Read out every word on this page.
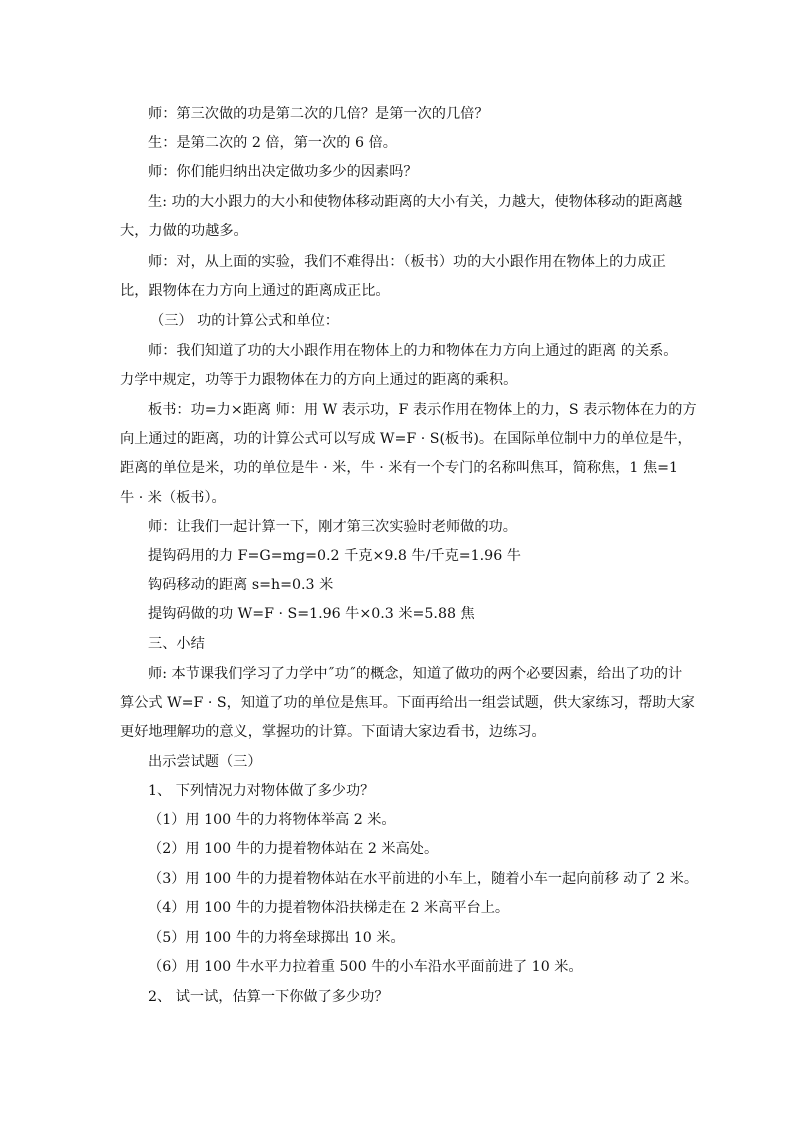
师：第三次做的功是第二次的几倍？是第一次的几倍？
生：是第二次的 2 倍，第一次的 6 倍。
师：你们能归纳出决定做功多少的因素吗？
生: 功的大小跟力的大小和使物体移动距离的大小有关，力越大，使物体移动的距离越
大，力做的功越多。
师：对，从上面的实验，我们不难得出：（板书）功的大小跟作用在物体上的力成正
比，跟物体在力方向上通过的距离成正比。
（三） 功的计算公式和单位：
师：我们知道了功的大小跟作用在物体上的力和物体在力方向上通过的距离 的关系。
力学中规定，功等于力跟物体在力的方向上通过的距离的乘积。
板书：功=力×距离 师：用 W 表示功，F 表示作用在物体上的力，S 表示物体在力的方
向上通过的距离，功的计算公式可以写成 W=F · S(板书)。在国际单位制中力的单位是牛，
距离的单位是米，功的单位是牛 · 米，牛 · 米有一个专门的名称叫焦耳，简称焦，1 焦=1
牛 · 米（板书）。
师：让我们一起计算一下，刚才第三次实验时老师做的功。
提钩码用的力 F=G=mg=0.2 千克×9.8 牛/千克=1.96 牛
钩码移动的距离 s=h=0.3 米
提钩码做的功 W=F · S=1.96 牛×0.3 米=5.88 焦
三、小结
师: 本节课我们学习了力学中˝功˝的概念，知道了做功的两个必要因素，给出了功的计
算公式 W=F · S，知道了功的单位是焦耳。下面再给出一组尝试题，供大家练习，帮助大家
更好地理解功的意义，掌握功的计算。下面请大家边看书，边练习。
出示尝试题（三）
1、 下列情况力对物体做了多少功？
（1）用 100 牛的力将物体举高 2 米。
（2）用 100 牛的力提着物体站在 2 米高处。
（3）用 100 牛的力提着物体站在水平前进的小车上，随着小车一起向前移 动了 2 米。
（4）用 100 牛的力提着物体沿扶梯走在 2 米高平台上。
（5）用 100 牛的力将垒球掷出 10 米。
（6）用 100 牛水平力拉着重 500 牛的小车沿水平面前进了 10 米。
2、 试一试，估算一下你做了多少功？
